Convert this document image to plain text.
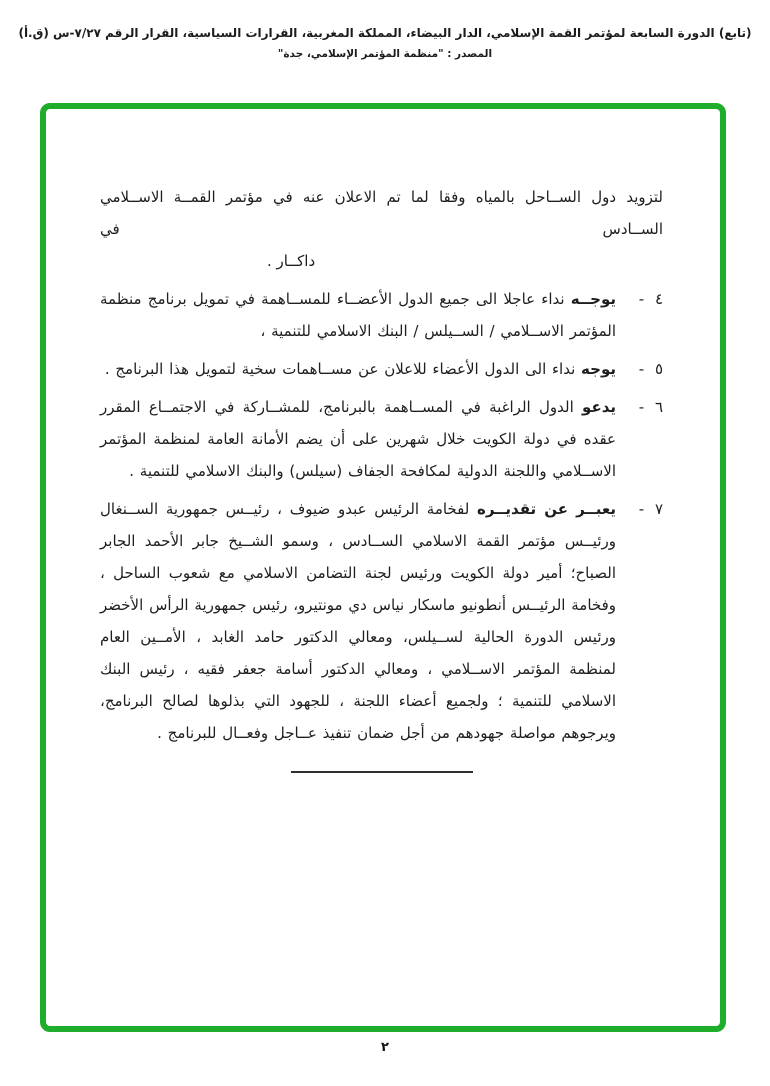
(تابع) الدورة السابعة لمؤتمر القمة الإسلامي، الدار البيضاء، المملكة المغربية، القرارات السياسية، القرار الرقم ٧/٢٧-س (ق.أ)
المصدر : "منظمة المؤتمر الإسلامي، جدة"
لتزويد دول الســاحل بالمياه وفقا لما تم الاعلان عنه في مؤتمر القمــة الاســلامي الســادس في
داكــار .
٤ -
يوجــه نداء عاجلا الى جميع الدول الأعضــاء للمســاهمة في تمويل برنامج منظمة المؤتمر الاســلامي / الســيلس / البنك الاسلامي للتنمية ،
٥ -
يوجه نداء الى الدول الأعضاء للاعلان عن مســاهمات سخية لتمويل هذا البرنامج .
٦ -
يدعو الدول الراغبة في المســاهمة بالبرنامج، للمشــاركة في الاجتمــاع المقرر عقده في دولة الكويت خلال شهرين على أن يضم الأمانة العامة لمنظمة المؤتمر الاســلامي واللجنة الدولية لمكافحة الجفاف (سيلس) والبنك الاسلامي للتنمية .
٧ -
يعبــر عن تقديــره لفخامة الرئيس عبدو ضيوف ، رئيــس جمهورية الســنغال ورئيــس مؤتمر القمة الاسلامي الســادس ، وسمو الشــيخ جابر الأحمد الجابر الصباح؛ أمير دولة الكويت ورئيس لجنة التضامن الاسلامي مع شعوب الساحل ، وفخامة الرئيــس أنطونيو ماسكار نياس دي مونتيرو، رئيس جمهورية الرأس الأخضر ورئيس الدورة الحالية لســيلس، ومعالي الدكتور حامد الغابد ، الأمــين العام لمنظمة المؤتمر الاســلامي ، ومعالي الدكتور أسامة جعفر فقيه ، رئيس البنك الاسلامي للتنمية ؛ ولجميع أعضاء اللجنة ، للجهود التي بذلوها لصالح البرنامج، ويرجوهم مواصلة جهودهم من أجل ضمان تنفيذ عــاجل وفعــال للبرنامج .
٢
